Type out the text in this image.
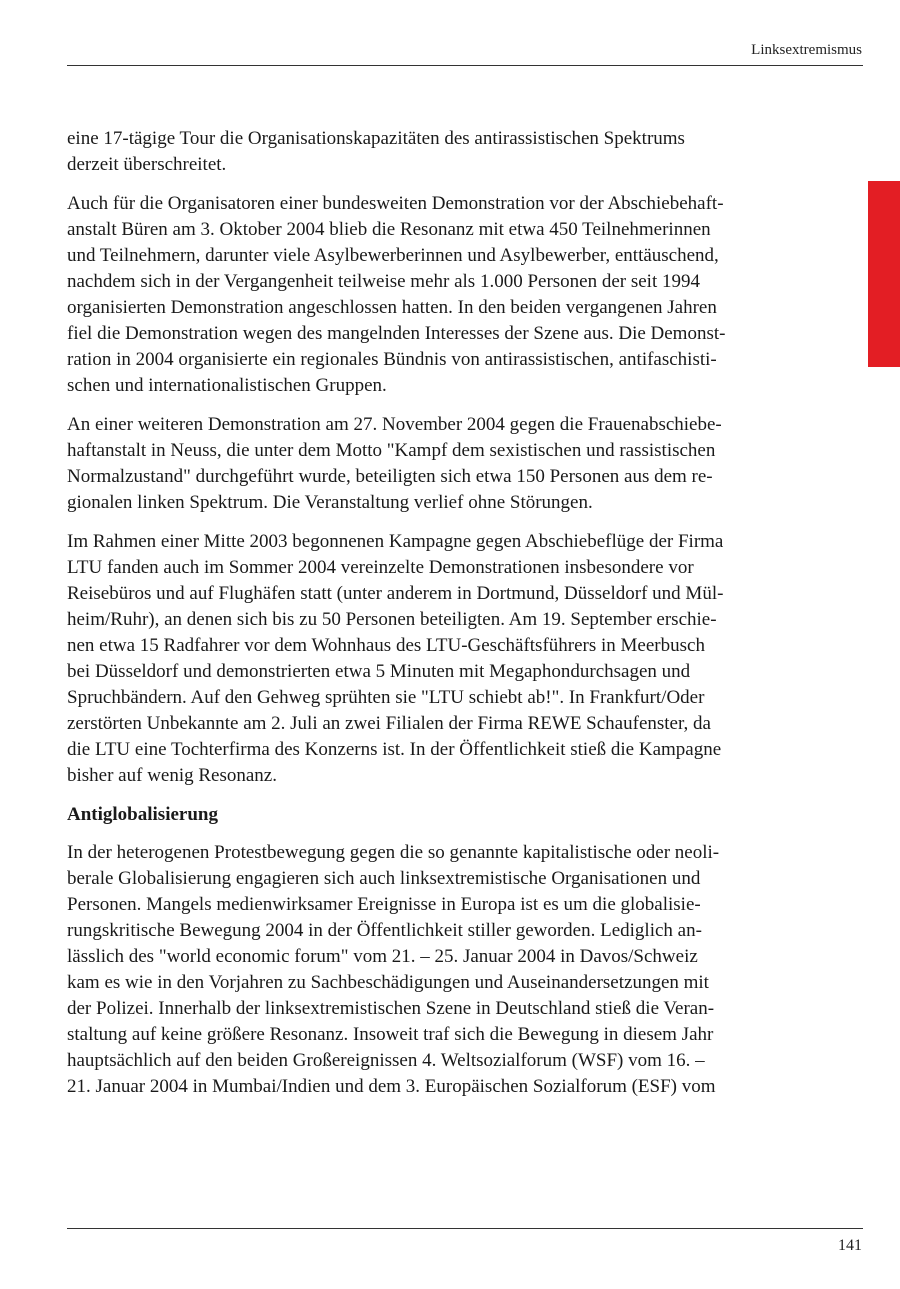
Linksextremismus

eine 17-tägige Tour die Organisationskapazitäten des antirassistischen Spektrums
derzeit überschreitet.

Auch für die Organisatoren einer bundesweiten Demonstration vor der Abschiebehaft-
anstalt Büren am 3. Oktober 2004 blieb die Resonanz mit etwa 450 Teilnehmerinnen
und Teilnehmern, darunter viele Asylbewerberinnen und Asylbewerber, enttäuschend,
nachdem sich in der Vergangenheit teilweise mehr als 1.000 Personen der seit 1994
organisierten Demonstration angeschlossen hatten. In den beiden vergangenen Jahren
fiel die Demonstration wegen des mangelnden Interesses der Szene aus. Die Demonst-
ration in 2004 organisierte ein regionales Bündnis von antirassistischen, antifaschisti-
schen und internationalistischen Gruppen.

An einer weiteren Demonstration am 27. November 2004 gegen die Frauenabschiebe-
haftanstalt in Neuss, die unter dem Motto "Kampf dem sexistischen und rassistischen
Normalzustand" durchgeführt wurde, beteiligten sich etwa 150 Personen aus dem re-
gionalen linken Spektrum. Die Veranstaltung verlief ohne Störungen.

Im Rahmen einer Mitte 2003 begonnenen Kampagne gegen Abschiebeflüge der Firma
LTU fanden auch im Sommer 2004 vereinzelte Demonstrationen insbesondere vor
Reisebüros und auf Flughäfen statt (unter anderem in Dortmund, Düsseldorf und Mül-
heim/Ruhr), an denen sich bis zu 50 Personen beteiligten. Am 19. September erschie-
nen etwa 15 Radfahrer vor dem Wohnhaus des LTU-Geschäftsführers in Meerbusch
bei Düsseldorf und demonstrierten etwa 5 Minuten mit Megaphondurchsagen und
Spruchbändern. Auf den Gehweg sprühten sie "LTU schiebt ab!". In Frankfurt/Oder
zerstörten Unbekannte am 2. Juli an zwei Filialen der Firma REWE Schaufenster, da
die LTU eine Tochterfirma des Konzerns ist. In der Öffentlichkeit stieß die Kampagne
bisher auf wenig Resonanz.

Antiglobalisierung

In der heterogenen Protestbewegung gegen die so genannte kapitalistische oder neoli-
berale Globalisierung engagieren sich auch linksextremistische Organisationen und
Personen. Mangels medienwirksamer Ereignisse in Europa ist es um die globalisie-
rungskritische Bewegung 2004 in der Öffentlichkeit stiller geworden. Lediglich an-
lässlich des "world economic forum" vom 21. – 25. Januar 2004 in Davos/Schweiz
kam es wie in den Vorjahren zu Sachbeschädigungen und Auseinandersetzungen mit
der Polizei. Innerhalb der linksextremistischen Szene in Deutschland stieß die Veran-
staltung auf keine größere Resonanz. Insoweit traf sich die Bewegung in diesem Jahr
hauptsächlich auf den beiden Großereignissen 4. Weltsozialforum (WSF) vom 16. –
21. Januar 2004 in Mumbai/Indien und dem 3. Europäischen Sozialforum (ESF) vom

141
